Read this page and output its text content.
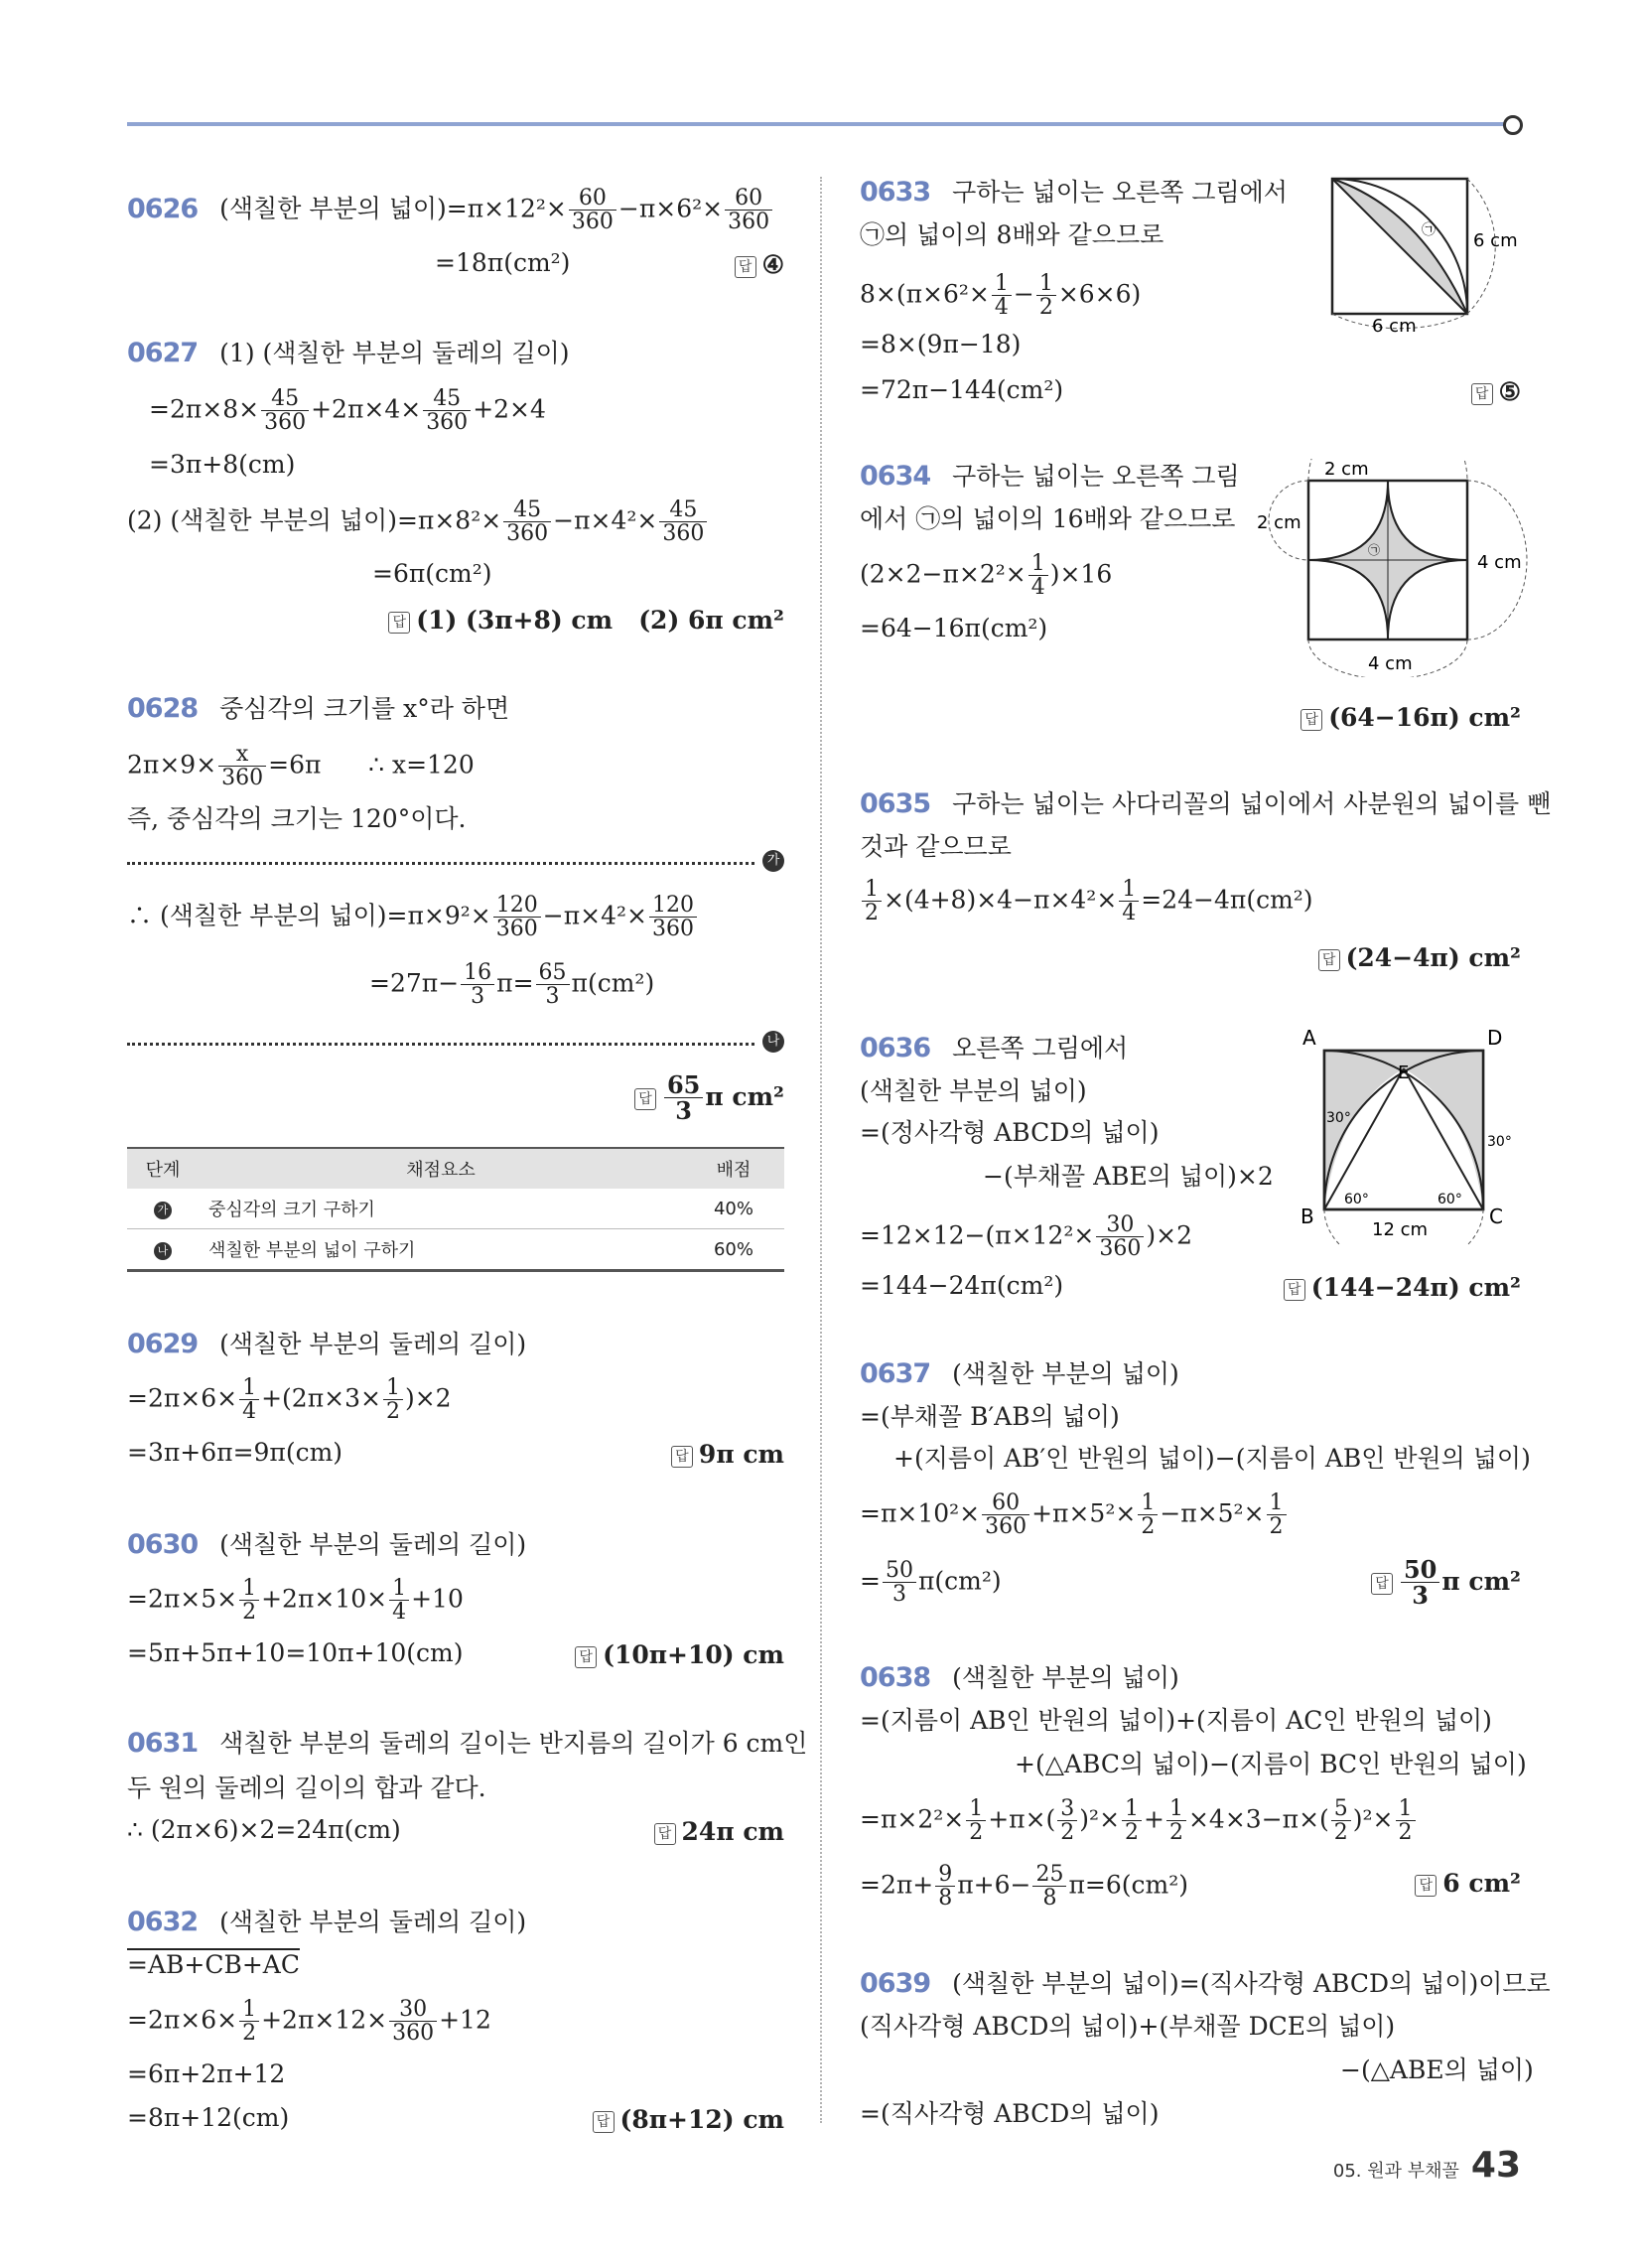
0626 (색칠한 부분의 넓이)$=\pi\times 12^2\times \frac{60}{360} -\pi\times 6^2\times \frac{60}{360}$
=18π(cm²)	답 ④
0627 (1) (색칠한 부분의 둘레의 길이)
$=2\pi\times 8\times \frac{45}{360} +2\pi\times 4\times \frac{45}{360} +2\times 4$
=3π+8(cm)
(2) (색칠한 부분의 넓이)$=\pi\times 8^2\times \frac{45}{360} -\pi\times 4^2\times \frac{45}{360}$
=6π(cm²)
답 (1) (3π+8) cm (2) 6π cm²
0628 중심각의 크기를 x°라 하면
$2\pi\times 9\times \frac{x}{360} =6\pi$ ∴ x=120
즉, 중심각의 크기는 120°이다.
가
∴ (색칠한 부분의 넓이)$=\pi\times 9^2\times \frac{120}{360} -\pi\times 4^2\times \frac{120}{360}$
$=27\pi- \frac{16}{3} \pi= \frac{65}{3} \pi(cm^2)$
나
답 $\frac{65}{3}$ π cm²
단계	채점요소	배점
가	중심각의 크기 구하기	40%
나	색칠한 부분의 넓이 구하기	60%
0629 (색칠한 부분의 둘레의 길이)
$=2\pi\times 6\times \frac{1}{4} +(2\pi\times 3\times \frac{1}{2} )\times 2$
=3π+6π=9π(cm)	답 9π cm
0630 (색칠한 부분의 둘레의 길이)
$=2\pi\times 5\times \frac{1}{2} +2\pi\times 10\times \frac{1}{4} +10$
=5π+5π+10=10π+10(cm)	답 (10π+10) cm
0631 색칠한 부분의 둘레의 길이는 반지름의 길이가 6 cm인
두 원의 둘레의 길이의 합과 같다.
∴ (2π×6)×2=24π(cm)	답 24π cm
0632 (색칠한 부분의 둘레의 길이)
=AB+CB+AC
$=2\pi\times 6\times \frac{1}{2} +2\pi\times 12\times \frac{30}{360} +12$
=6π+2π+12
=8π+12(cm)	답 (8π+12) cm
0633 구하는 넓이는 오른쪽 그림에서
㉠의 넓이의 8배와 같으므로
$8\times(\pi\times 6^2\times \frac{1}{4} - \frac{1}{2} \times 6\times 6)$
=8×(9π−18)
=72π−144(cm²)	답 ⑤
㉠ 6 cm
6 cm
0634 구하는 넓이는 오른쪽 그림
에서 ㉠의 넓이의 16배와 같으므로
$(2\times 2-\pi\times 2^2\times \frac{1}{4} )\times 16$
=64−16π(cm²)
답 (64−16π) cm²
㉠
2 cm
2 cm
4 cm
4 cm
0635 구하는 넓이는 사다리꼴의 넓이에서 사분원의 넓이를 뺀
것과 같으므로
$\frac{1}{2} \times(4+8)\times 4-\pi\times 4^2\times \frac{1}{4} =24-4\pi(cm^2)$
답 (24−4π) cm²
0636 오른쪽 그림에서
(색칠한 부분의 넓이)
=(정사각형 ABCD의 넓이)
−(부채꼴 ABE의 넓이)×2
$=12\times 12-(\pi\times 12^2\times \frac{30}{360} )\times 2$
=144−24π(cm²)	답 (144−24π) cm²
A	D
B	C
E
30°
30°
60°	60°
12 cm
0637 (색칠한 부분의 넓이)
=(부채꼴 B′AB의 넓이)
+(지름이 AB′인 반원의 넓이)−(지름이 AB인 반원의 넓이)
$=\pi\times 10^2\times \frac{60}{360} +\pi\times 5^2\times \frac{1}{2} -\pi\times 5^2\times \frac{1}{2}$
= $\frac{50}{3} \pi(cm^2)$	답 $\frac{50}{3}$ π cm²
0638 (색칠한 부분의 넓이)
=(지름이 AB인 반원의 넓이)+(지름이 AC인 반원의 넓이)
+(△ABC의 넓이)−(지름이 BC인 반원의 넓이)
$=\pi\times 2^2\times \frac{1}{2} +\pi\times( \frac{3}{2} )^2\times \frac{1}{2} + \frac{1}{2} \times 4\times 3-\pi\times( \frac{5}{2} )^2\times \frac{1}{2}$
$=2\pi+ \frac{9}{8} \pi+6- \frac{25}{8} \pi=6(cm^2)$	답 6 cm²
0639 (색칠한 부분의 넓이)=(직사각형 ABCD의 넓이)이므로
(직사각형 ABCD의 넓이)+(부채꼴 DCE의 넓이)
−(△ABE의 넓이)
=(직사각형 ABCD의 넓이)
05. 원과 부채꼴 43
